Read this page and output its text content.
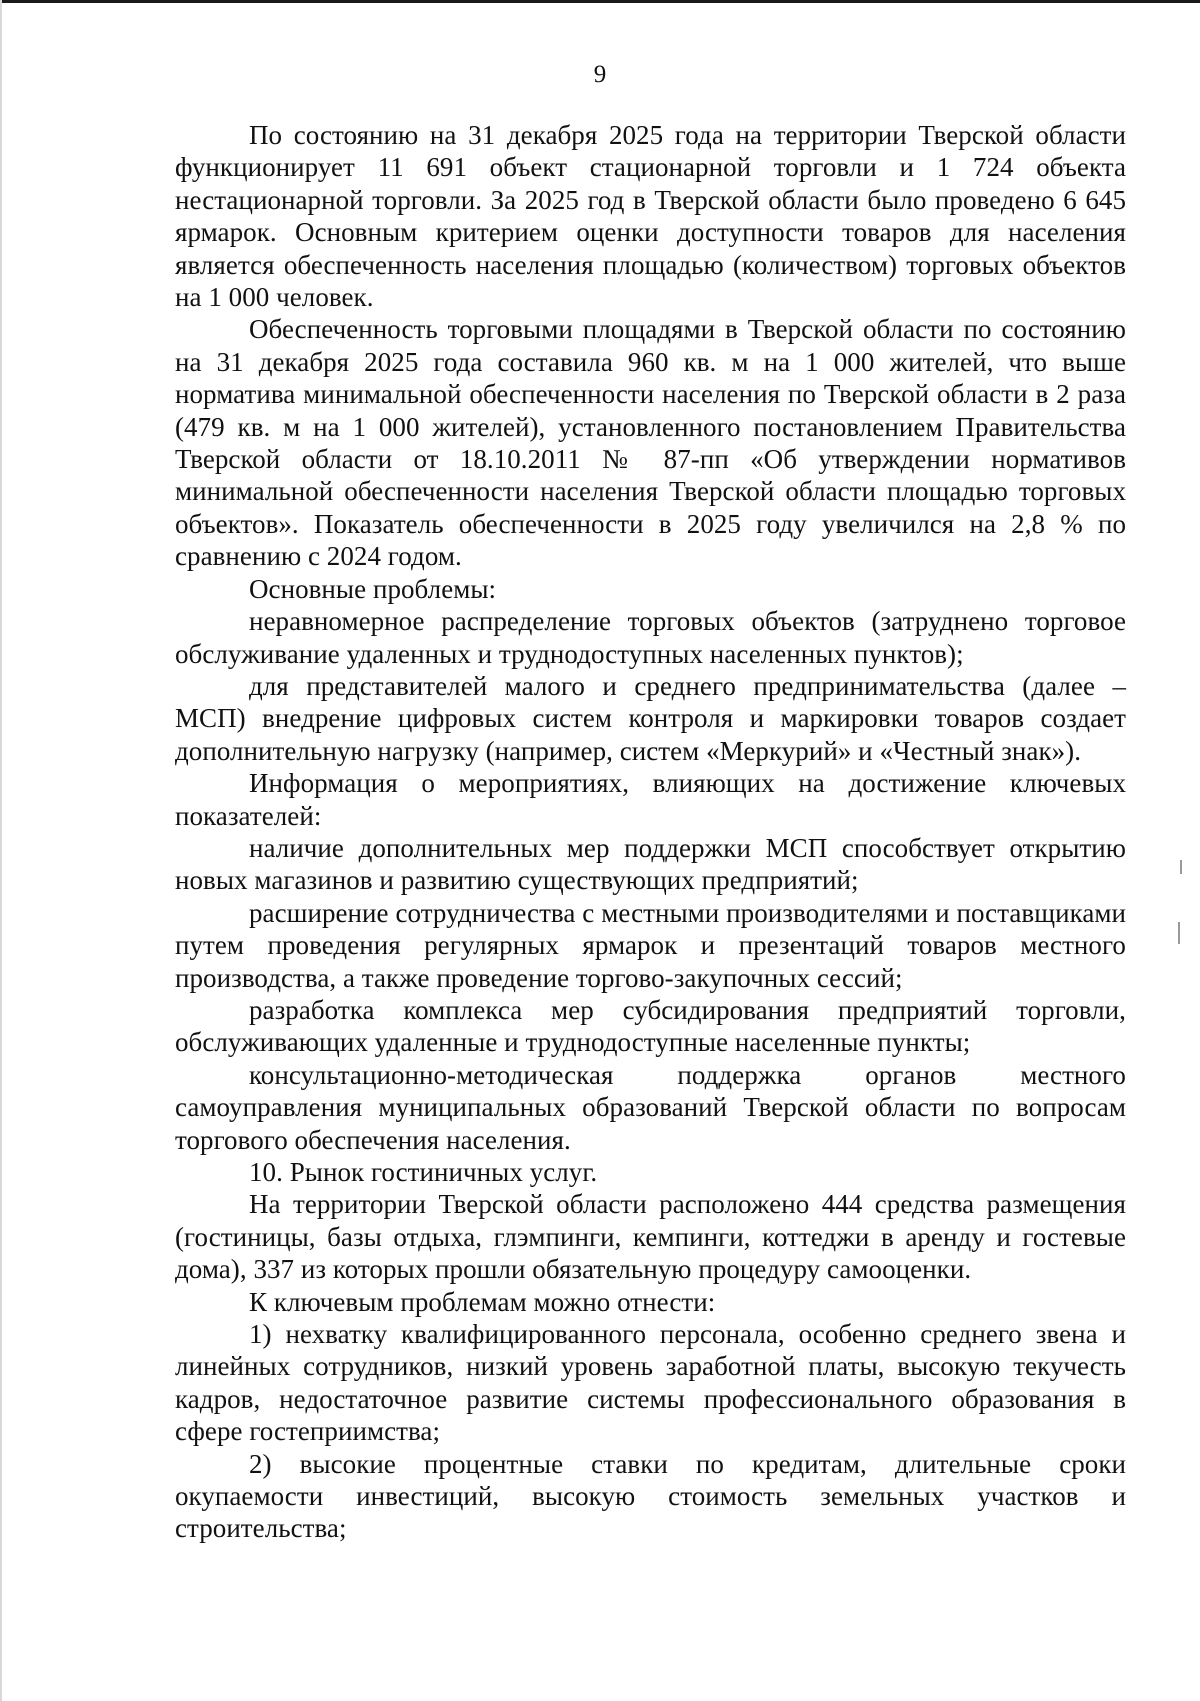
9

По состоянию на 31 декабря 2025 года на территории Тверской области функционирует 11 691 объект стационарной торговли и 1 724 объекта нестационарной торговли. За 2025 год в Тверской области было проведено 6 645 ярмарок. Основным критерием оценки доступности товаров для населения является обеспеченность населения площадью (количеством) торговых объектов на 1 000 человек.

Обеспеченность торговыми площадями в Тверской области по состоянию на 31 декабря 2025 года составила 960 кв. м на 1 000 жителей, что выше норматива минимальной обеспеченности населения по Тверской области в 2 раза (479 кв. м на 1 000 жителей), установленного постановлением Правительства Тверской области от 18.10.2011 № 87-пп «Об утверждении нормативов минимальной обеспеченности населения Тверской области площадью торговых объектов». Показатель обеспеченности в 2025 году увеличился на 2,8 % по сравнению с 2024 годом.

Основные проблемы:

неравномерное распределение торговых объектов (затруднено торговое обслуживание удаленных и труднодоступных населенных пунктов);

для представителей малого и среднего предпринимательства (далее – МСП) внедрение цифровых систем контроля и маркировки товаров создает дополнительную нагрузку (например, систем «Меркурий» и «Честный знак»).

Информация о мероприятиях, влияющих на достижение ключевых показателей:

наличие дополнительных мер поддержки МСП способствует открытию новых магазинов и развитию существующих предприятий;

расширение сотрудничества с местными производителями и поставщиками путем проведения регулярных ярмарок и презентаций товаров местного производства, а также проведение торгово-закупочных сессий;

разработка комплекса мер субсидирования предприятий торговли, обслуживающих удаленные и труднодоступные населенные пункты;

консультационно-методическая поддержка органов местного самоуправления муниципальных образований Тверской области по вопросам торгового обеспечения населения.

10. Рынок гостиничных услуг.

На территории Тверской области расположено 444 средства размещения (гостиницы, базы отдыха, глэмпинги, кемпинги, коттеджи в аренду и гостевые дома), 337 из которых прошли обязательную процедуру самооценки.

К ключевым проблемам можно отнести:

1) нехватку квалифицированного персонала, особенно среднего звена и линейных сотрудников, низкий уровень заработной платы, высокую текучесть кадров, недостаточное развитие системы профессионального образования в сфере гостеприимства;

2) высокие процентные ставки по кредитам, длительные сроки окупаемости инвестиций, высокую стоимость земельных участков и строительства;
